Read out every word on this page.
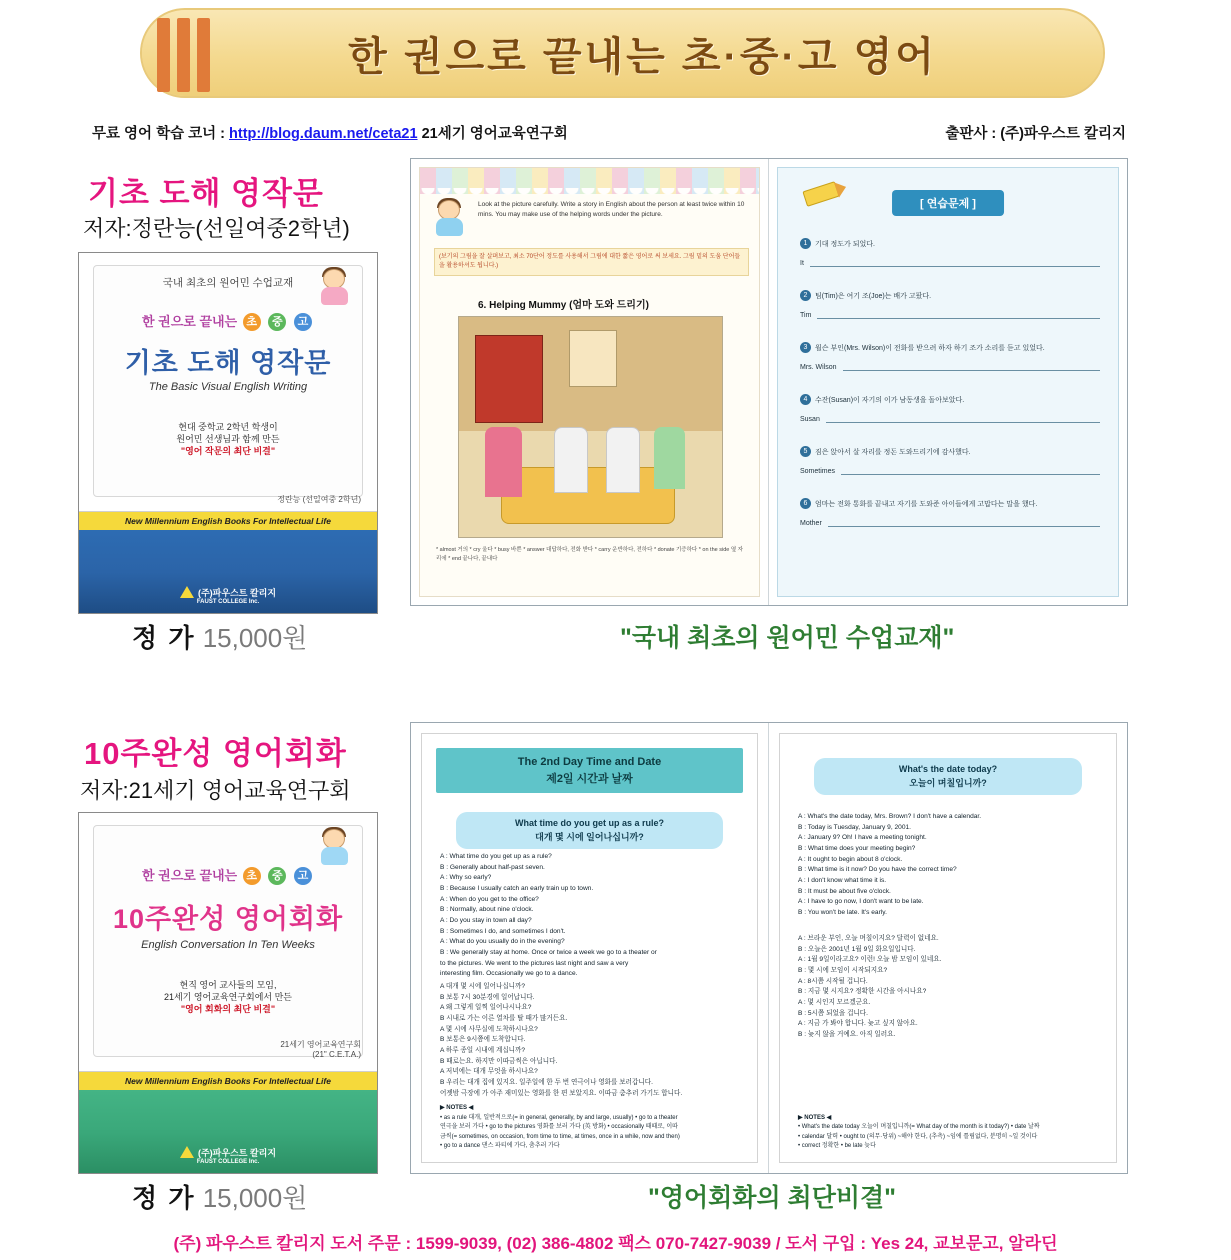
한 권으로 끝내는 초·중·고 영어
무료 영어 학습 코너 : http://blog.daum.net/ceta21 21세기 영어교육연구회	출판사 : (주)파우스트 칼리지
기초 도해 영작문
저자:정란능(선일여중2학년)
국내 최초의 원어민 수업교재
한 권으로 끝내는 초 중 고
기초 도해 영작문
The Basic Visual English Writing
현대 중학교 2학년 학생이
원어민 선생님과 함께 만든
"영어 작문의 최단 비결"
정란능 (선일여중 2학년)
New Millennium English Books For Intellectual Life
(주)파우스트 칼리지
FAUST COLLEGE Inc.
정 가 15,000원
Look at the picture carefully. Write a story in English about the person at least twice within 10 mins. You may make use of the helping words under the picture.
(보기의 그림을 잘 살펴보고, 최소 70단어 정도를 사용해서 그림에 대한 짧은 영어로 써 보세요. 그림 밑의 도움 단어들을 활용하셔도 됩니다.)
6. Helping Mummy (엄마 도와 드리기)
* almost 거의 * cry 울다 * busy 바쁜 * answer 대답하다, 전화 받다 * carry 운반하다, 전하다 * donate 기증하다 * on the side 옆 자리에 * end 끝나다, 끝내다
[ 연습문제 ]
1 기대 정도가 되었다.
It
2 팀(Tim)은 여기 조(Joe)는 배가 고팠다.
Tim
3 윌슨 부인(Mrs. Wilson)이 전화를 받으려 하자 하기 조가 소리를 듣고 있었다.
Mrs. Wilson
4 수잔(Susan)이 자기의 이가 남동생을 돌아보았다.
Susan
5 짐은 앉아서 살 자리를 정돈 도와드리기에 감사했다.
Sometimes
6 엄마는 전화 통화를 끝내고 자기를 도와준 아이들에게 고맙다는 말을 했다.
Mother
"국내 최초의 원어민 수업교재"
10주완성 영어회화
저자:21세기 영어교육연구회
한 권으로 끝내는 초 중 고
10주완성 영어회화
English Conversation In Ten Weeks
현직 영어 교사들의 모임,
21세기 영어교육연구회에서 만든
"영어 회화의 최단 비결"
21세기 영어교육연구회
(21" C.E.T.A.)
New Millennium English Books For Intellectual Life
(주)파우스트 칼리지
FAUST COLLEGE Inc.
정 가 15,000원
The 2nd Day Time and Date
제2일 시간과 날짜
What time do you get up as a rule?
대개 몇 시에 일어나십니까?
A : What time do you get up as a rule?
B : Generally about half-past seven.
A : Why so early?
B : Because I usually catch an early train up to town.
A : When do you get to the office?
B : Normally, about nine o'clock.
A : Do you stay in town all day?
B : Sometimes I do, and sometimes I don't.
A : What do you usually do in the evening?
B : We generally stay at home. Once or twice a week we go to a theater or
to the pictures. We went to the pictures last night and saw a very
interesting film. Occasionally we go to a dance.
A 대개 몇 시에 일어나십니까?
B 보통 7시 30분경에 일어납니다.
A 왜 그렇게 일찍 일어나시나요?
B 시내로 가는 이른 열차를 탈 때가 많거든요.
A 몇 시에 사무실에 도착하시나요?
B 보통은 9시쯤에 도착합니다.
A 하루 종일 시내에 계십니까?
B 때로는요. 하지만 이따금씩은 아닙니다.
A 저녁에는 대개 무엇을 하시나요?
B 우리는 대개 집에 있지요. 일주일에 한 두 번 연극이나 영화를 보러갑니다.
어젯밤 극장에 가 아주 재미있는 영화를 한 편 보았지요. 이따금 춤추러 가기도 합니다.
▶ NOTES ◀
• as a rule 대개, 일반적으로(= in general, generally, by and large, usually) • go to a theater
연극을 보러 가다 • go to the pictures 영화를 보러 가다 (英 방화) • occasionally 때때로, 이따
금씩(= sometimes, on occasion, from time to time, at times, once in a while, now and then)
• go to a dance 댄스 파티에 가다, 춤추러 가다
What's the date today?
오늘이 며칠입니까?
A : What's the date today, Mrs. Brown? I don't have a calendar.
B : Today is Tuesday, January 9, 2001.
A : January 9? Oh! I have a meeting tonight.
B : What time does your meeting begin?
A : It ought to begin about 8 o'clock.
B : What time is it now? Do you have the correct time?
A : I don't know what time it is.
B : It must be about five o'clock.
A : I have to go now, I don't want to be late.
B : You won't be late. It's early.
A : 브라운 부인, 오늘 며칠이지요? 달력이 없네요.
B : 오늘은 2001년 1월 9일 화요일입니다.
A : 1월 9일이라고요? 이런! 오늘 밤 모임이 있네요.
B : 몇 시에 모임이 시작되지요?
A : 8시쯤 시작될 겁니다.
B : 지금 몇 시지요? 정확한 시간을 아시나요?
A : 몇 시인지 모르겠군요.
B : 5시쯤 되었을 겁니다.
A : 지금 가 봐야 합니다. 늦고 싶지 않아요.
B : 늦지 않을 거예요. 아직 일러요.
▶ NOTES ◀
• What's the date today 오늘이 며칠입니까(= What day of the month is it today?) • date 날짜
• calendar 달력 • ought to (의무·당위) ~해야 한다, (추측) ~임에 틀림없다, 분명히 ~일 것이다
• correct 정확한 • be late 늦다
"영어회화의 최단비결"
(주) 파우스트 칼리지 도서 주문 : 1599-9039, (02) 386-4802 팩스 070-7427-9039 / 도서 구입 : Yes 24, 교보문고, 알라딘
